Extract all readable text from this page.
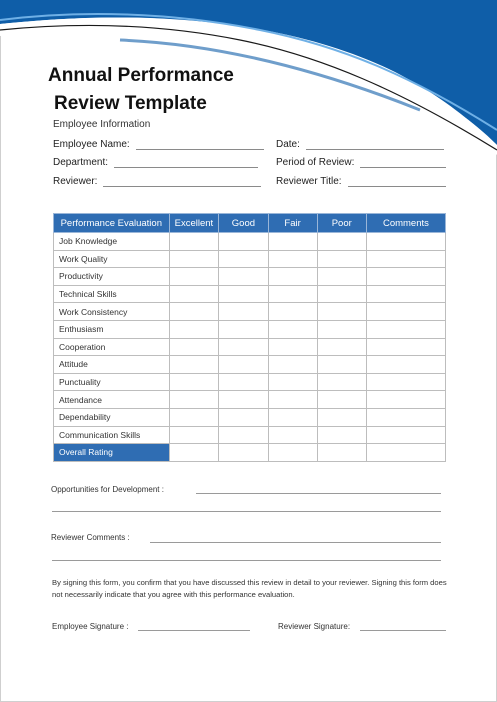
Annual Performance
Review Template
Employee Information
Employee Name:	Date:
Department:	Period of Review:
Reviewer:	Reviewer Title:
Performance Evaluation	Excellent	Good	Fair	Poor	Comments
Job Knowledge					
Work Quality					
Productivity					
Technical Skills					
Work Consistency					
Enthusiasm					
Cooperation					
Attitude					
Punctuality					
Attendance					
Dependability					
Communication Skills					
Overall Rating					
Opportunities for Development :
Reviewer Comments :
By signing this form, you confirm that you have discussed this review in detail to your reviewer. Signing this form does not necessarily indicate that you agree with this performance evaluation.
Employee Signature :	Reviewer Signature:
